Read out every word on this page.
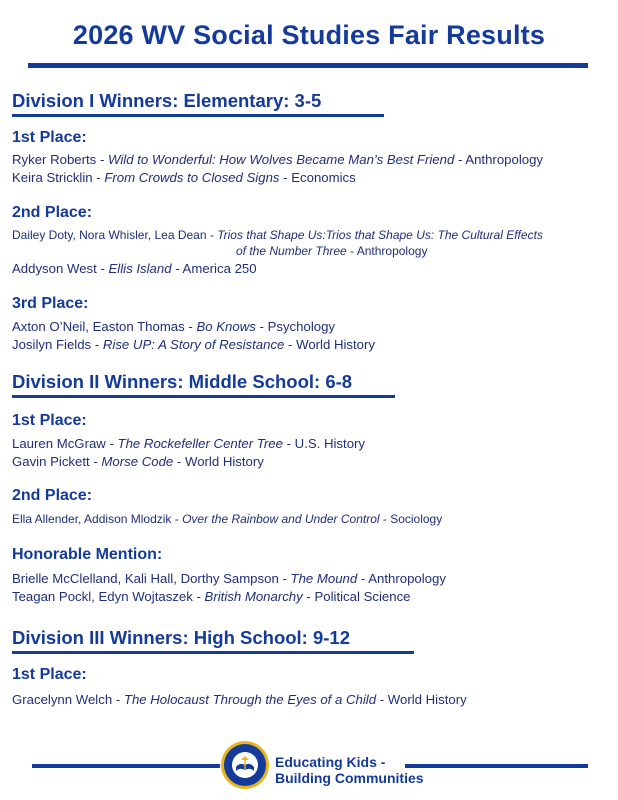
2026 WV Social Studies Fair Results
Division I Winners: Elementary: 3-5
1st Place:
Ryker Roberts - Wild to Wonderful: How Wolves Became Man’s Best Friend - Anthropology
Keira Stricklin - From Crowds to Closed Signs - Economics
2nd Place:
Dailey Doty, Nora Whisler, Lea Dean - Trios that Shape Us:Trios that Shape Us: The Cultural Effects
of the Number Three - Anthropology
Addyson West - Ellis Island - America 250
3rd Place:
Axton O’Neil, Easton Thomas - Bo Knows - Psychology
Josilyn Fields - Rise UP: A Story of Resistance - World History
Division II Winners: Middle School: 6-8
1st Place:
Lauren McGraw - The Rockefeller Center Tree - U.S. History
Gavin Pickett - Morse Code - World History
2nd Place:
Ella Allender, Addison Mlodzik - Over the Rainbow and Under Control - Sociology
Honorable Mention:
Brielle McClelland, Kali Hall, Dorthy Sampson - The Mound - Anthropology
Teagan Pockl, Edyn Wojtaszek - British Monarchy - Political Science
Division III Winners: High School: 9-12
1st Place:
Gracelynn Welch - The Holocaust Through the Eyes of a Child - World History
Educating Kids -
Building Communities
